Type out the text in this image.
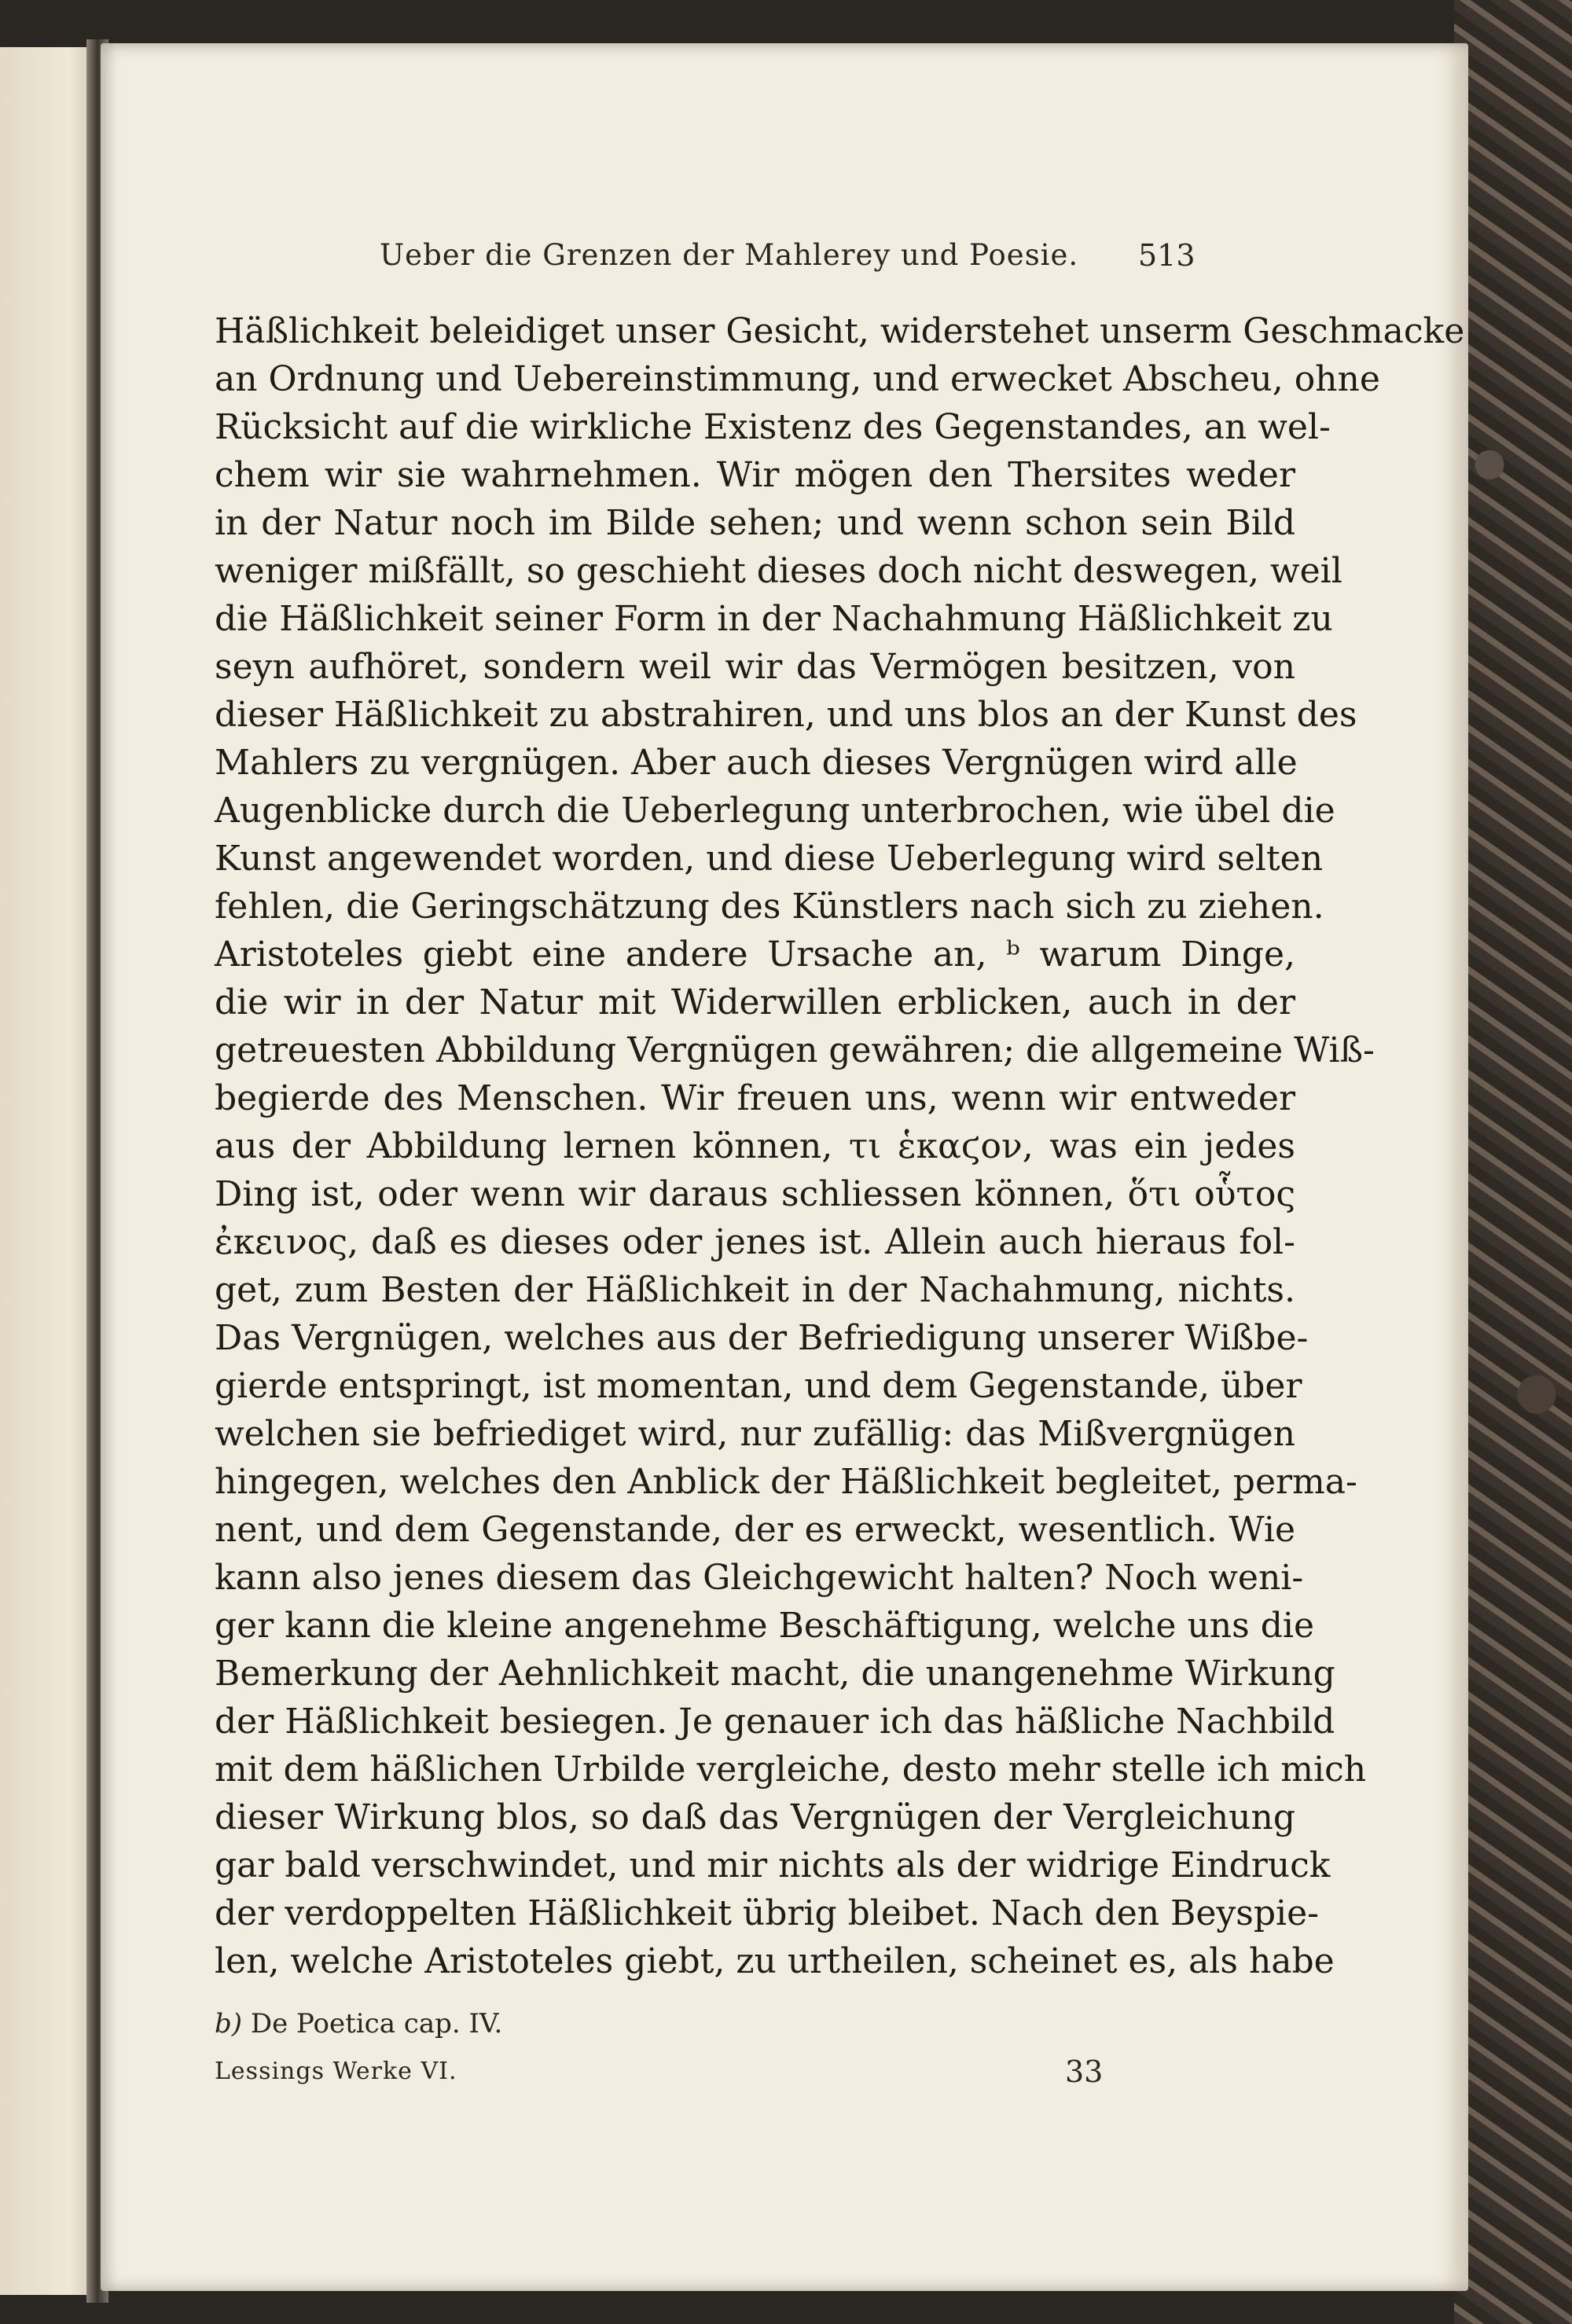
Ueber die Grenzen der Mahlerey und Poesie. 513
Häßlichkeit beleidiget unser Gesicht, widerstehet unserm Geschmacke
an Ordnung und Uebereinstimmung, und erwecket Abscheu, ohne
Rücksicht auf die wirkliche Existenz des Gegenstandes, an wel-
chem wir sie wahrnehmen. Wir mögen den Thersites weder
in der Natur noch im Bilde sehen; und wenn schon sein Bild
weniger mißfällt, so geschieht dieses doch nicht deswegen, weil
die Häßlichkeit seiner Form in der Nachahmung Häßlichkeit zu
seyn aufhöret, sondern weil wir das Vermögen besitzen, von
dieser Häßlichkeit zu abstrahiren, und uns blos an der Kunst des
Mahlers zu vergnügen. Aber auch dieses Vergnügen wird alle
Augenblicke durch die Ueberlegung unterbrochen, wie übel die
Kunst angewendet worden, und diese Ueberlegung wird selten
fehlen, die Geringschätzung des Künstlers nach sich zu ziehen.
Aristoteles giebt eine andere Ursache an, ᵇ warum Dinge,
die wir in der Natur mit Widerwillen erblicken, auch in der
getreuesten Abbildung Vergnügen gewähren; die allgemeine Wiß-
begierde des Menschen. Wir freuen uns, wenn wir entweder
aus der Abbildung lernen können, τι ἑκαϛον, was ein jedes
Ding ist, oder wenn wir daraus schliessen können, ὅτι οὗτος
ἐκεινος, daß es dieses oder jenes ist. Allein auch hieraus fol-
get, zum Besten der Häßlichkeit in der Nachahmung, nichts.
Das Vergnügen, welches aus der Befriedigung unserer Wißbe-
gierde entspringt, ist momentan, und dem Gegenstande, über
welchen sie befriediget wird, nur zufällig: das Mißvergnügen
hingegen, welches den Anblick der Häßlichkeit begleitet, perma-
nent, und dem Gegenstande, der es erweckt, wesentlich. Wie
kann also jenes diesem das Gleichgewicht halten? Noch weni-
ger kann die kleine angenehme Beschäftigung, welche uns die
Bemerkung der Aehnlichkeit macht, die unangenehme Wirkung
der Häßlichkeit besiegen. Je genauer ich das häßliche Nachbild
mit dem häßlichen Urbilde vergleiche, desto mehr stelle ich mich
dieser Wirkung blos, so daß das Vergnügen der Vergleichung
gar bald verschwindet, und mir nichts als der widrige Eindruck
der verdoppelten Häßlichkeit übrig bleibet. Nach den Beyspie-
len, welche Aristoteles giebt, zu urtheilen, scheinet es, als habe
b) De Poetica cap. IV.
Lessings Werke VI.	33
